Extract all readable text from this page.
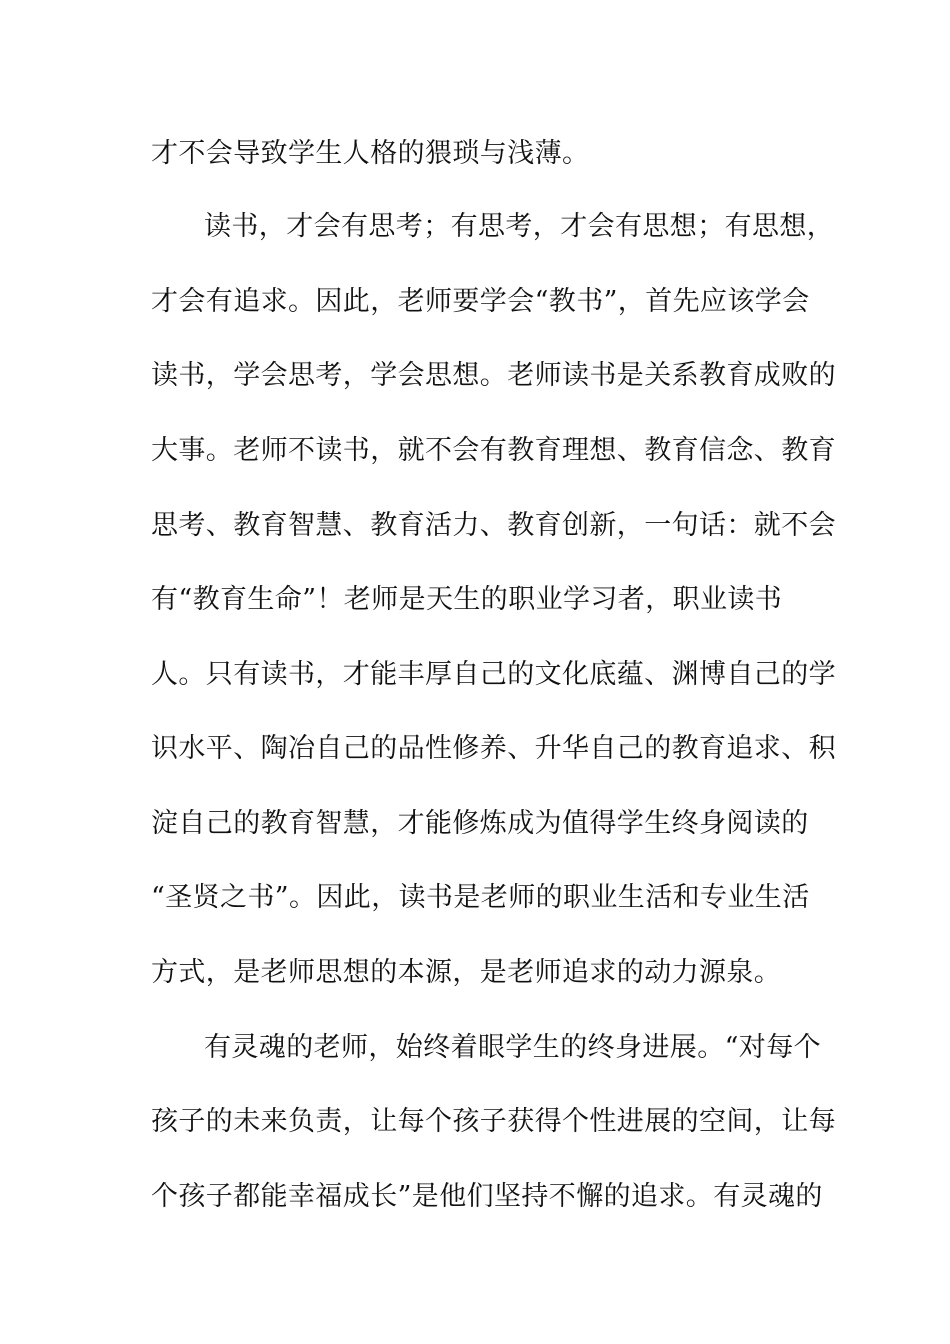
才不会导致学生人格的猥琐与浅薄。
读书，才会有思考；有思考，才会有思想；有思想，
才会有追求。因此，老师要学会“教书”，首先应该学会
读书，学会思考，学会思想。老师读书是关系教育成败的
大事。老师不读书，就不会有教育理想、教育信念、教育
思考、教育智慧、教育活力、教育创新，一句话：就不会
有“教育生命”！老师是天生的职业学习者，职业读书
人。只有读书，才能丰厚自己的文化底蕴、渊博自己的学
识水平、陶冶自己的品性修养、升华自己的教育追求、积
淀自己的教育智慧，才能修炼成为值得学生终身阅读的
“圣贤之书”。因此，读书是老师的职业生活和专业生活
方式，是老师思想的本源，是老师追求的动力源泉。
有灵魂的老师，始终着眼学生的终身进展。“对每个
孩子的未来负责，让每个孩子获得个性进展的空间，让每
个孩子都能幸福成长”是他们坚持不懈的追求。有灵魂的
